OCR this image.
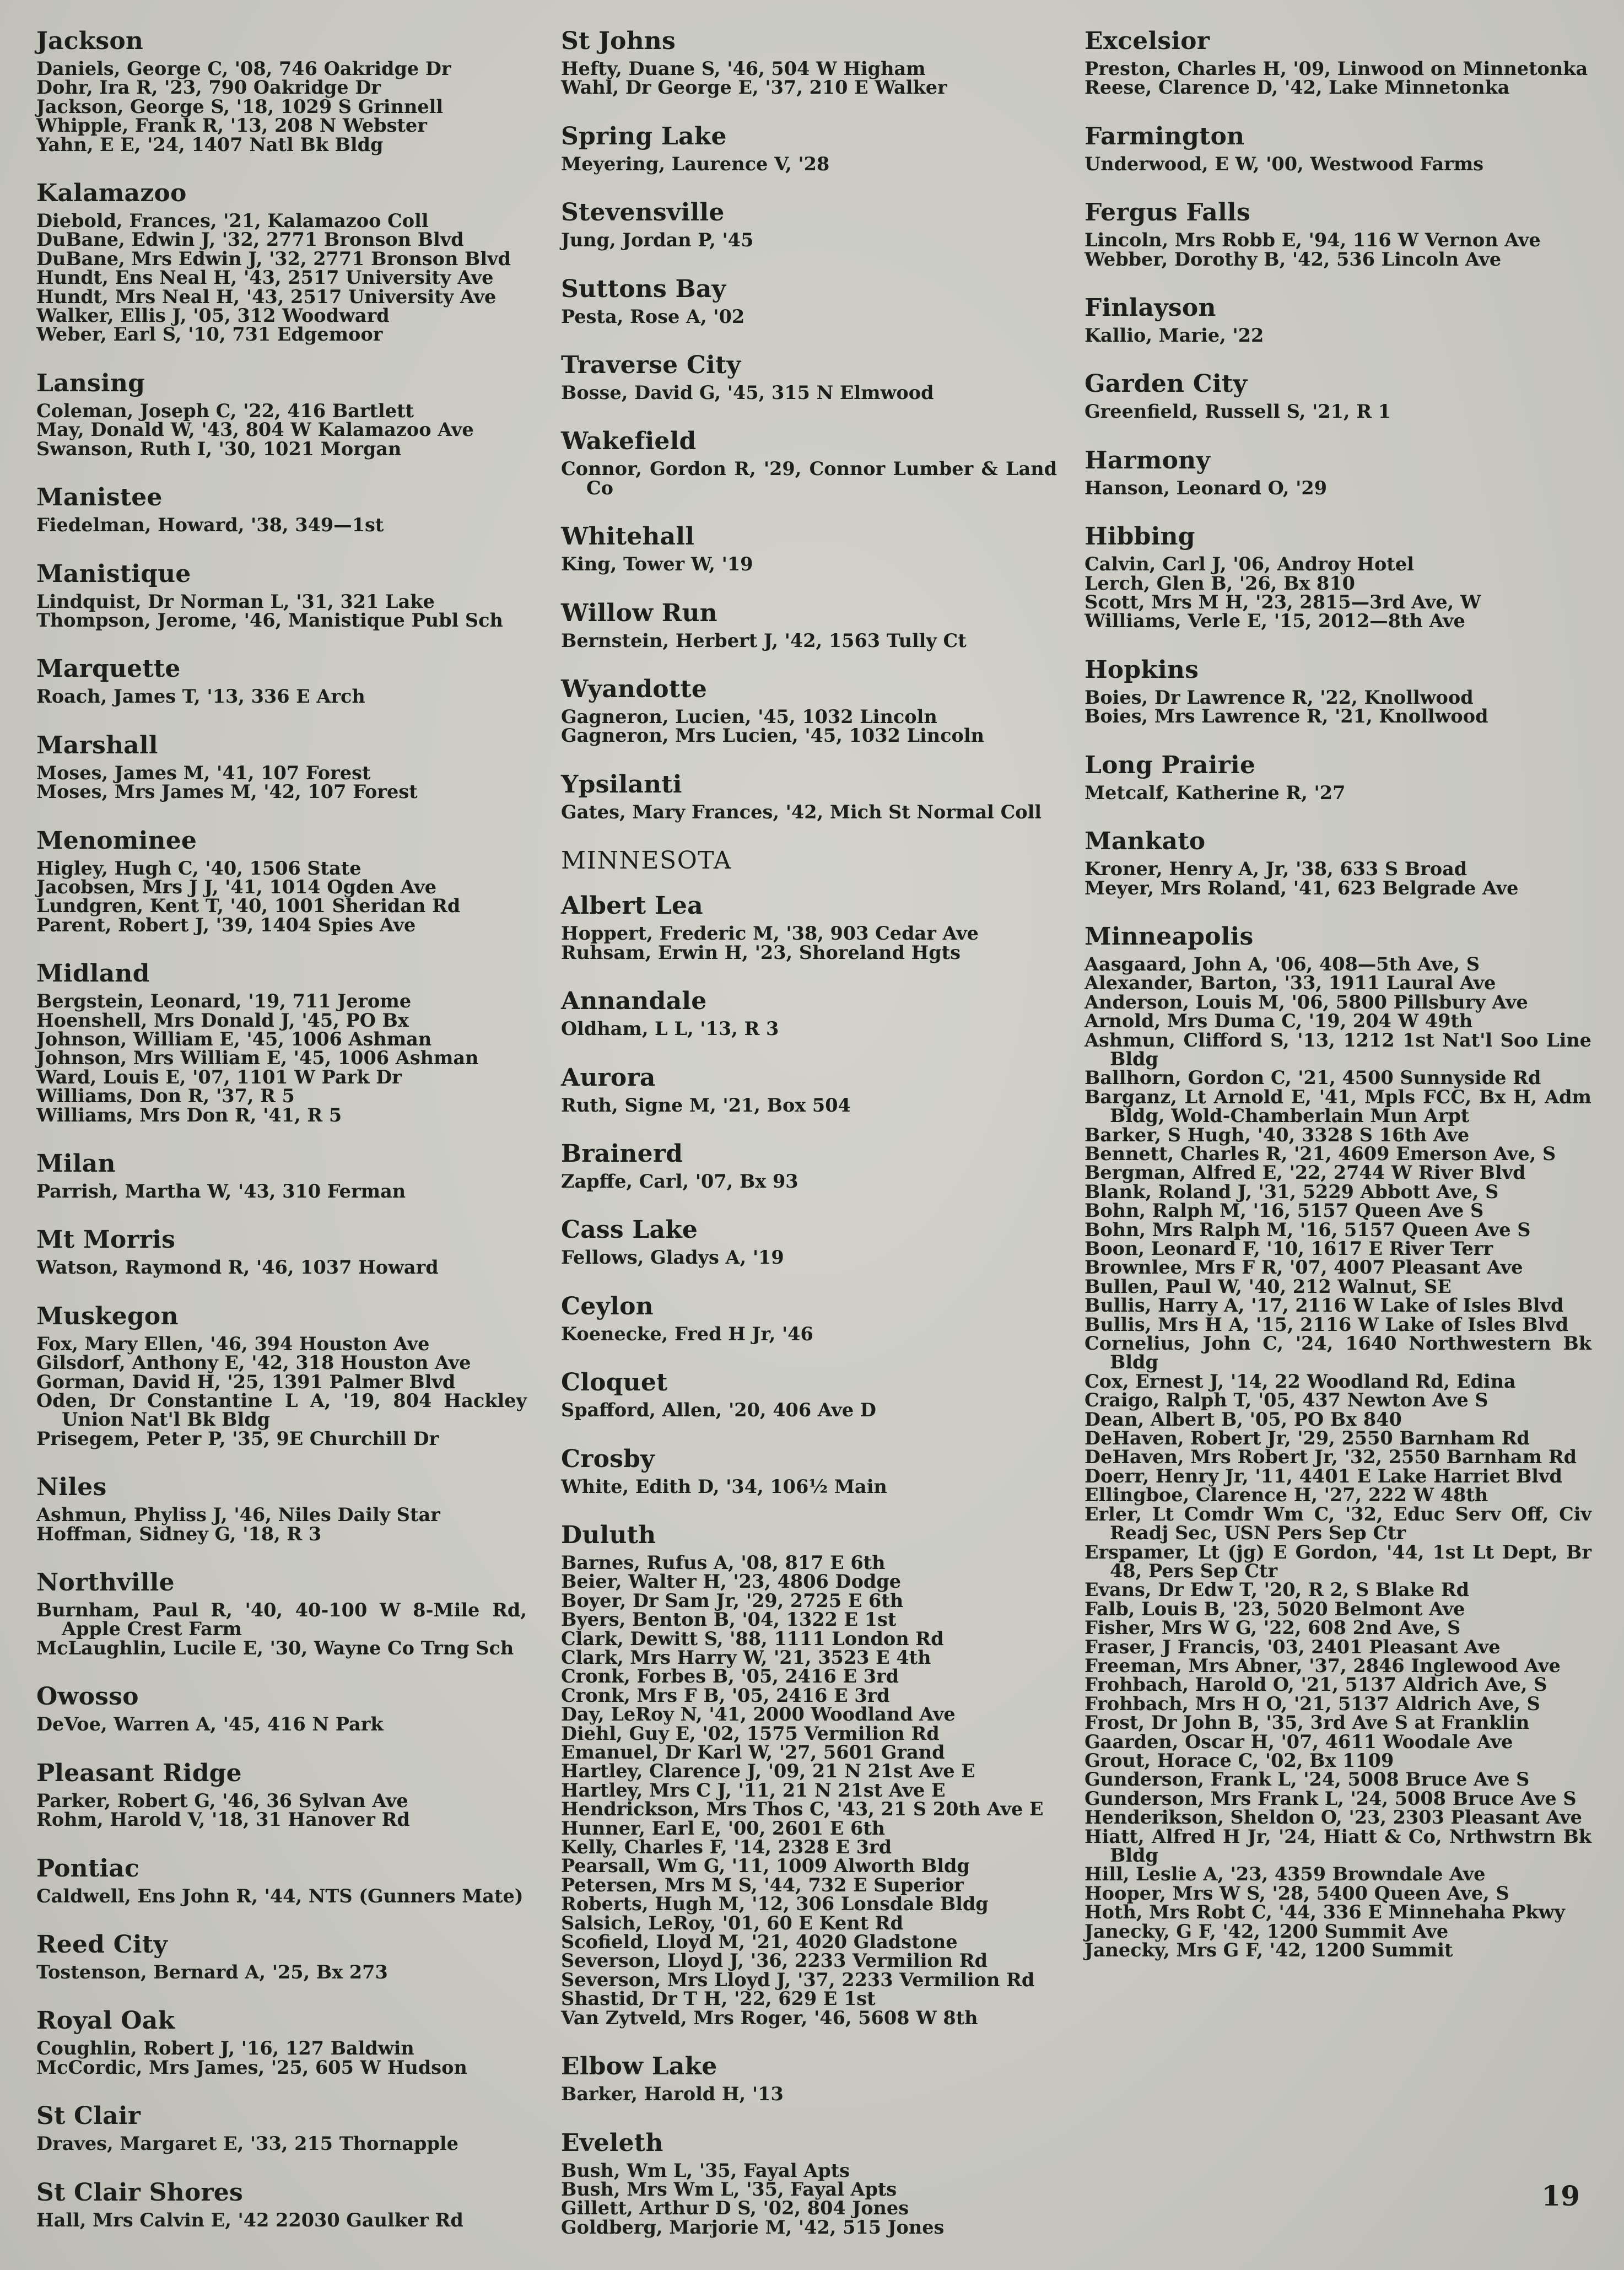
Jackson
Daniels, George C, '08, 746 Oakridge Dr
Dohr, Ira R, '23, 790 Oakridge Dr
Jackson, George S, '18, 1029 S Grinnell
Whipple, Frank R, '13, 208 N Webster
Yahn, E E, '24, 1407 Natl Bk Bldg
Kalamazoo
Diebold, Frances, '21, Kalamazoo Coll
DuBane, Edwin J, '32, 2771 Bronson Blvd
DuBane, Mrs Edwin J, '32, 2771 Bronson Blvd
Hundt, Ens Neal H, '43, 2517 University Ave
Hundt, Mrs Neal H, '43, 2517 University Ave
Walker, Ellis J, '05, 312 Woodward
Weber, Earl S, '10, 731 Edgemoor
Lansing
Coleman, Joseph C, '22, 416 Bartlett
May, Donald W, '43, 804 W Kalamazoo Ave
Swanson, Ruth I, '30, 1021 Morgan
Manistee
Fiedelman, Howard, '38, 349—1st
Manistique
Lindquist, Dr Norman L, '31, 321 Lake
Thompson, Jerome, '46, Manistique Publ Sch
Marquette
Roach, James T, '13, 336 E Arch
Marshall
Moses, James M, '41, 107 Forest
Moses, Mrs James M, '42, 107 Forest
Menominee
Higley, Hugh C, '40, 1506 State
Jacobsen, Mrs J J, '41, 1014 Ogden Ave
Lundgren, Kent T, '40, 1001 Sheridan Rd
Parent, Robert J, '39, 1404 Spies Ave
Midland
Bergstein, Leonard, '19, 711 Jerome
Hoenshell, Mrs Donald J, '45, PO Bx
Johnson, William E, '45, 1006 Ashman
Johnson, Mrs William E, '45, 1006 Ashman
Ward, Louis E, '07, 1101 W Park Dr
Williams, Don R, '37, R 5
Williams, Mrs Don R, '41, R 5
Milan
Parrish, Martha W, '43, 310 Ferman
Mt Morris
Watson, Raymond R, '46, 1037 Howard
Muskegon
Fox, Mary Ellen, '46, 394 Houston Ave
Gilsdorf, Anthony E, '42, 318 Houston Ave
Gorman, David H, '25, 1391 Palmer Blvd
Oden, Dr Constantine L A, '19, 804 Hackley Union Nat'l Bk Bldg
Prisegem, Peter P, '35, 9E Churchill Dr
Niles
Ashmun, Phyliss J, '46, Niles Daily Star
Hoffman, Sidney G, '18, R 3
Northville
Burnham, Paul R, '40, 40-100 W 8-Mile Rd, Apple Crest Farm
McLaughlin, Lucile E, '30, Wayne Co Trng Sch
Owosso
DeVoe, Warren A, '45, 416 N Park
Pleasant Ridge
Parker, Robert G, '46, 36 Sylvan Ave
Rohm, Harold V, '18, 31 Hanover Rd
Pontiac
Caldwell, Ens John R, '44, NTS (Gunners Mate)
Reed City
Tostenson, Bernard A, '25, Bx 273
Royal Oak
Coughlin, Robert J, '16, 127 Baldwin
McCordic, Mrs James, '25, 605 W Hudson
St Clair
Draves, Margaret E, '33, 215 Thornapple
St Clair Shores
Hall, Mrs Calvin E, '42 22030 Gaulker Rd
St Johns
Hefty, Duane S, '46, 504 W Higham
Wahl, Dr George E, '37, 210 E Walker
Spring Lake
Meyering, Laurence V, '28
Stevensville
Jung, Jordan P, '45
Suttons Bay
Pesta, Rose A, '02
Traverse City
Bosse, David G, '45, 315 N Elmwood
Wakefield
Connor, Gordon R, '29, Connor Lumber & Land Co
Whitehall
King, Tower W, '19
Willow Run
Bernstein, Herbert J, '42, 1563 Tully Ct
Wyandotte
Gagneron, Lucien, '45, 1032 Lincoln
Gagneron, Mrs Lucien, '45, 1032 Lincoln
Ypsilanti
Gates, Mary Frances, '42, Mich St Normal Coll
MINNESOTA
Albert Lea
Hoppert, Frederic M, '38, 903 Cedar Ave
Ruhsam, Erwin H, '23, Shoreland Hgts
Annandale
Oldham, L L, '13, R 3
Aurora
Ruth, Signe M, '21, Box 504
Brainerd
Zapffe, Carl, '07, Bx 93
Cass Lake
Fellows, Gladys A, '19
Ceylon
Koenecke, Fred H Jr, '46
Cloquet
Spafford, Allen, '20, 406 Ave D
Crosby
White, Edith D, '34, 106½ Main
Duluth
Barnes, Rufus A, '08, 817 E 6th
Beier, Walter H, '23, 4806 Dodge
Boyer, Dr Sam Jr, '29, 2725 E 6th
Byers, Benton B, '04, 1322 E 1st
Clark, Dewitt S, '88, 1111 London Rd
Clark, Mrs Harry W, '21, 3523 E 4th
Cronk, Forbes B, '05, 2416 E 3rd
Cronk, Mrs F B, '05, 2416 E 3rd
Day, LeRoy N, '41, 2000 Woodland Ave
Diehl, Guy E, '02, 1575 Vermilion Rd
Emanuel, Dr Karl W, '27, 5601 Grand
Hartley, Clarence J, '09, 21 N 21st Ave E
Hartley, Mrs C J, '11, 21 N 21st Ave E
Hendrickson, Mrs Thos C, '43, 21 S 20th Ave E
Hunner, Earl E, '00, 2601 E 6th
Kelly, Charles F, '14, 2328 E 3rd
Pearsall, Wm G, '11, 1009 Alworth Bldg
Petersen, Mrs M S, '44, 732 E Superior
Roberts, Hugh M, '12, 306 Lonsdale Bldg
Salsich, LeRoy, '01, 60 E Kent Rd
Scofield, Lloyd M, '21, 4020 Gladstone
Severson, Lloyd J, '36, 2233 Vermilion Rd
Severson, Mrs Lloyd J, '37, 2233 Vermilion Rd
Shastid, Dr T H, '22, 629 E 1st
Van Zytveld, Mrs Roger, '46, 5608 W 8th
Elbow Lake
Barker, Harold H, '13
Eveleth
Bush, Wm L, '35, Fayal Apts
Bush, Mrs Wm L, '35, Fayal Apts
Gillett, Arthur D S, '02, 804 Jones
Goldberg, Marjorie M, '42, 515 Jones
Excelsior
Preston, Charles H, '09, Linwood on Minnetonka
Reese, Clarence D, '42, Lake Minnetonka
Farmington
Underwood, E W, '00, Westwood Farms
Fergus Falls
Lincoln, Mrs Robb E, '94, 116 W Vernon Ave
Webber, Dorothy B, '42, 536 Lincoln Ave
Finlayson
Kallio, Marie, '22
Garden City
Greenfield, Russell S, '21, R 1
Harmony
Hanson, Leonard O, '29
Hibbing
Calvin, Carl J, '06, Androy Hotel
Lerch, Glen B, '26, Bx 810
Scott, Mrs M H, '23, 2815—3rd Ave, W
Williams, Verle E, '15, 2012—8th Ave
Hopkins
Boies, Dr Lawrence R, '22, Knollwood
Boies, Mrs Lawrence R, '21, Knollwood
Long Prairie
Metcalf, Katherine R, '27
Mankato
Kroner, Henry A, Jr, '38, 633 S Broad
Meyer, Mrs Roland, '41, 623 Belgrade Ave
Minneapolis
Aasgaard, John A, '06, 408—5th Ave, S
Alexander, Barton, '33, 1911 Laural Ave
Anderson, Louis M, '06, 5800 Pillsbury Ave
Arnold, Mrs Duma C, '19, 204 W 49th
Ashmun, Clifford S, '13, 1212 1st Nat'l Soo Line Bldg
Ballhorn, Gordon C, '21, 4500 Sunnyside Rd
Barganz, Lt Arnold E, '41, Mpls FCC, Bx H, Adm Bldg, Wold-Chamberlain Mun Arpt
Barker, S Hugh, '40, 3328 S 16th Ave
Bennett, Charles R, '21, 4609 Emerson Ave, S
Bergman, Alfred E, '22, 2744 W River Blvd
Blank, Roland J, '31, 5229 Abbott Ave, S
Bohn, Ralph M, '16, 5157 Queen Ave S
Bohn, Mrs Ralph M, '16, 5157 Queen Ave S
Boon, Leonard F, '10, 1617 E River Terr
Brownlee, Mrs F R, '07, 4007 Pleasant Ave
Bullen, Paul W, '40, 212 Walnut, SE
Bullis, Harry A, '17, 2116 W Lake of Isles Blvd
Bullis, Mrs H A, '15, 2116 W Lake of Isles Blvd
Cornelius, John C, '24, 1640 Northwestern Bk Bldg
Cox, Ernest J, '14, 22 Woodland Rd, Edina
Craigo, Ralph T, '05, 437 Newton Ave S
Dean, Albert B, '05, PO Bx 840
DeHaven, Robert Jr, '29, 2550 Barnham Rd
DeHaven, Mrs Robert Jr, '32, 2550 Barnham Rd
Doerr, Henry Jr, '11, 4401 E Lake Harriet Blvd
Ellingboe, Clarence H, '27, 222 W 48th
Erler, Lt Comdr Wm C, '32, Educ Serv Off, Civ Readj Sec, USN Pers Sep Ctr
Erspamer, Lt (jg) E Gordon, '44, 1st Lt Dept, Br 48, Pers Sep Ctr
Evans, Dr Edw T, '20, R 2, S Blake Rd
Falb, Louis B, '23, 5020 Belmont Ave
Fisher, Mrs W G, '22, 608 2nd Ave, S
Fraser, J Francis, '03, 2401 Pleasant Ave
Freeman, Mrs Abner, '37, 2846 Inglewood Ave
Frohbach, Harold O, '21, 5137 Aldrich Ave, S
Frohbach, Mrs H O, '21, 5137 Aldrich Ave, S
Frost, Dr John B, '35, 3rd Ave S at Franklin
Gaarden, Oscar H, '07, 4611 Woodale Ave
Grout, Horace C, '02, Bx 1109
Gunderson, Frank L, '24, 5008 Bruce Ave S
Gunderson, Mrs Frank L, '24, 5008 Bruce Ave S
Henderikson, Sheldon O, '23, 2303 Pleasant Ave
Hiatt, Alfred H Jr, '24, Hiatt & Co, Nrthwstrn Bk Bldg
Hill, Leslie A, '23, 4359 Browndale Ave
Hooper, Mrs W S, '28, 5400 Queen Ave, S
Hoth, Mrs Robt C, '44, 336 E Minnehaha Pkwy
Janecky, G F, '42, 1200 Summit Ave
Janecky, Mrs G F, '42, 1200 Summit
19
